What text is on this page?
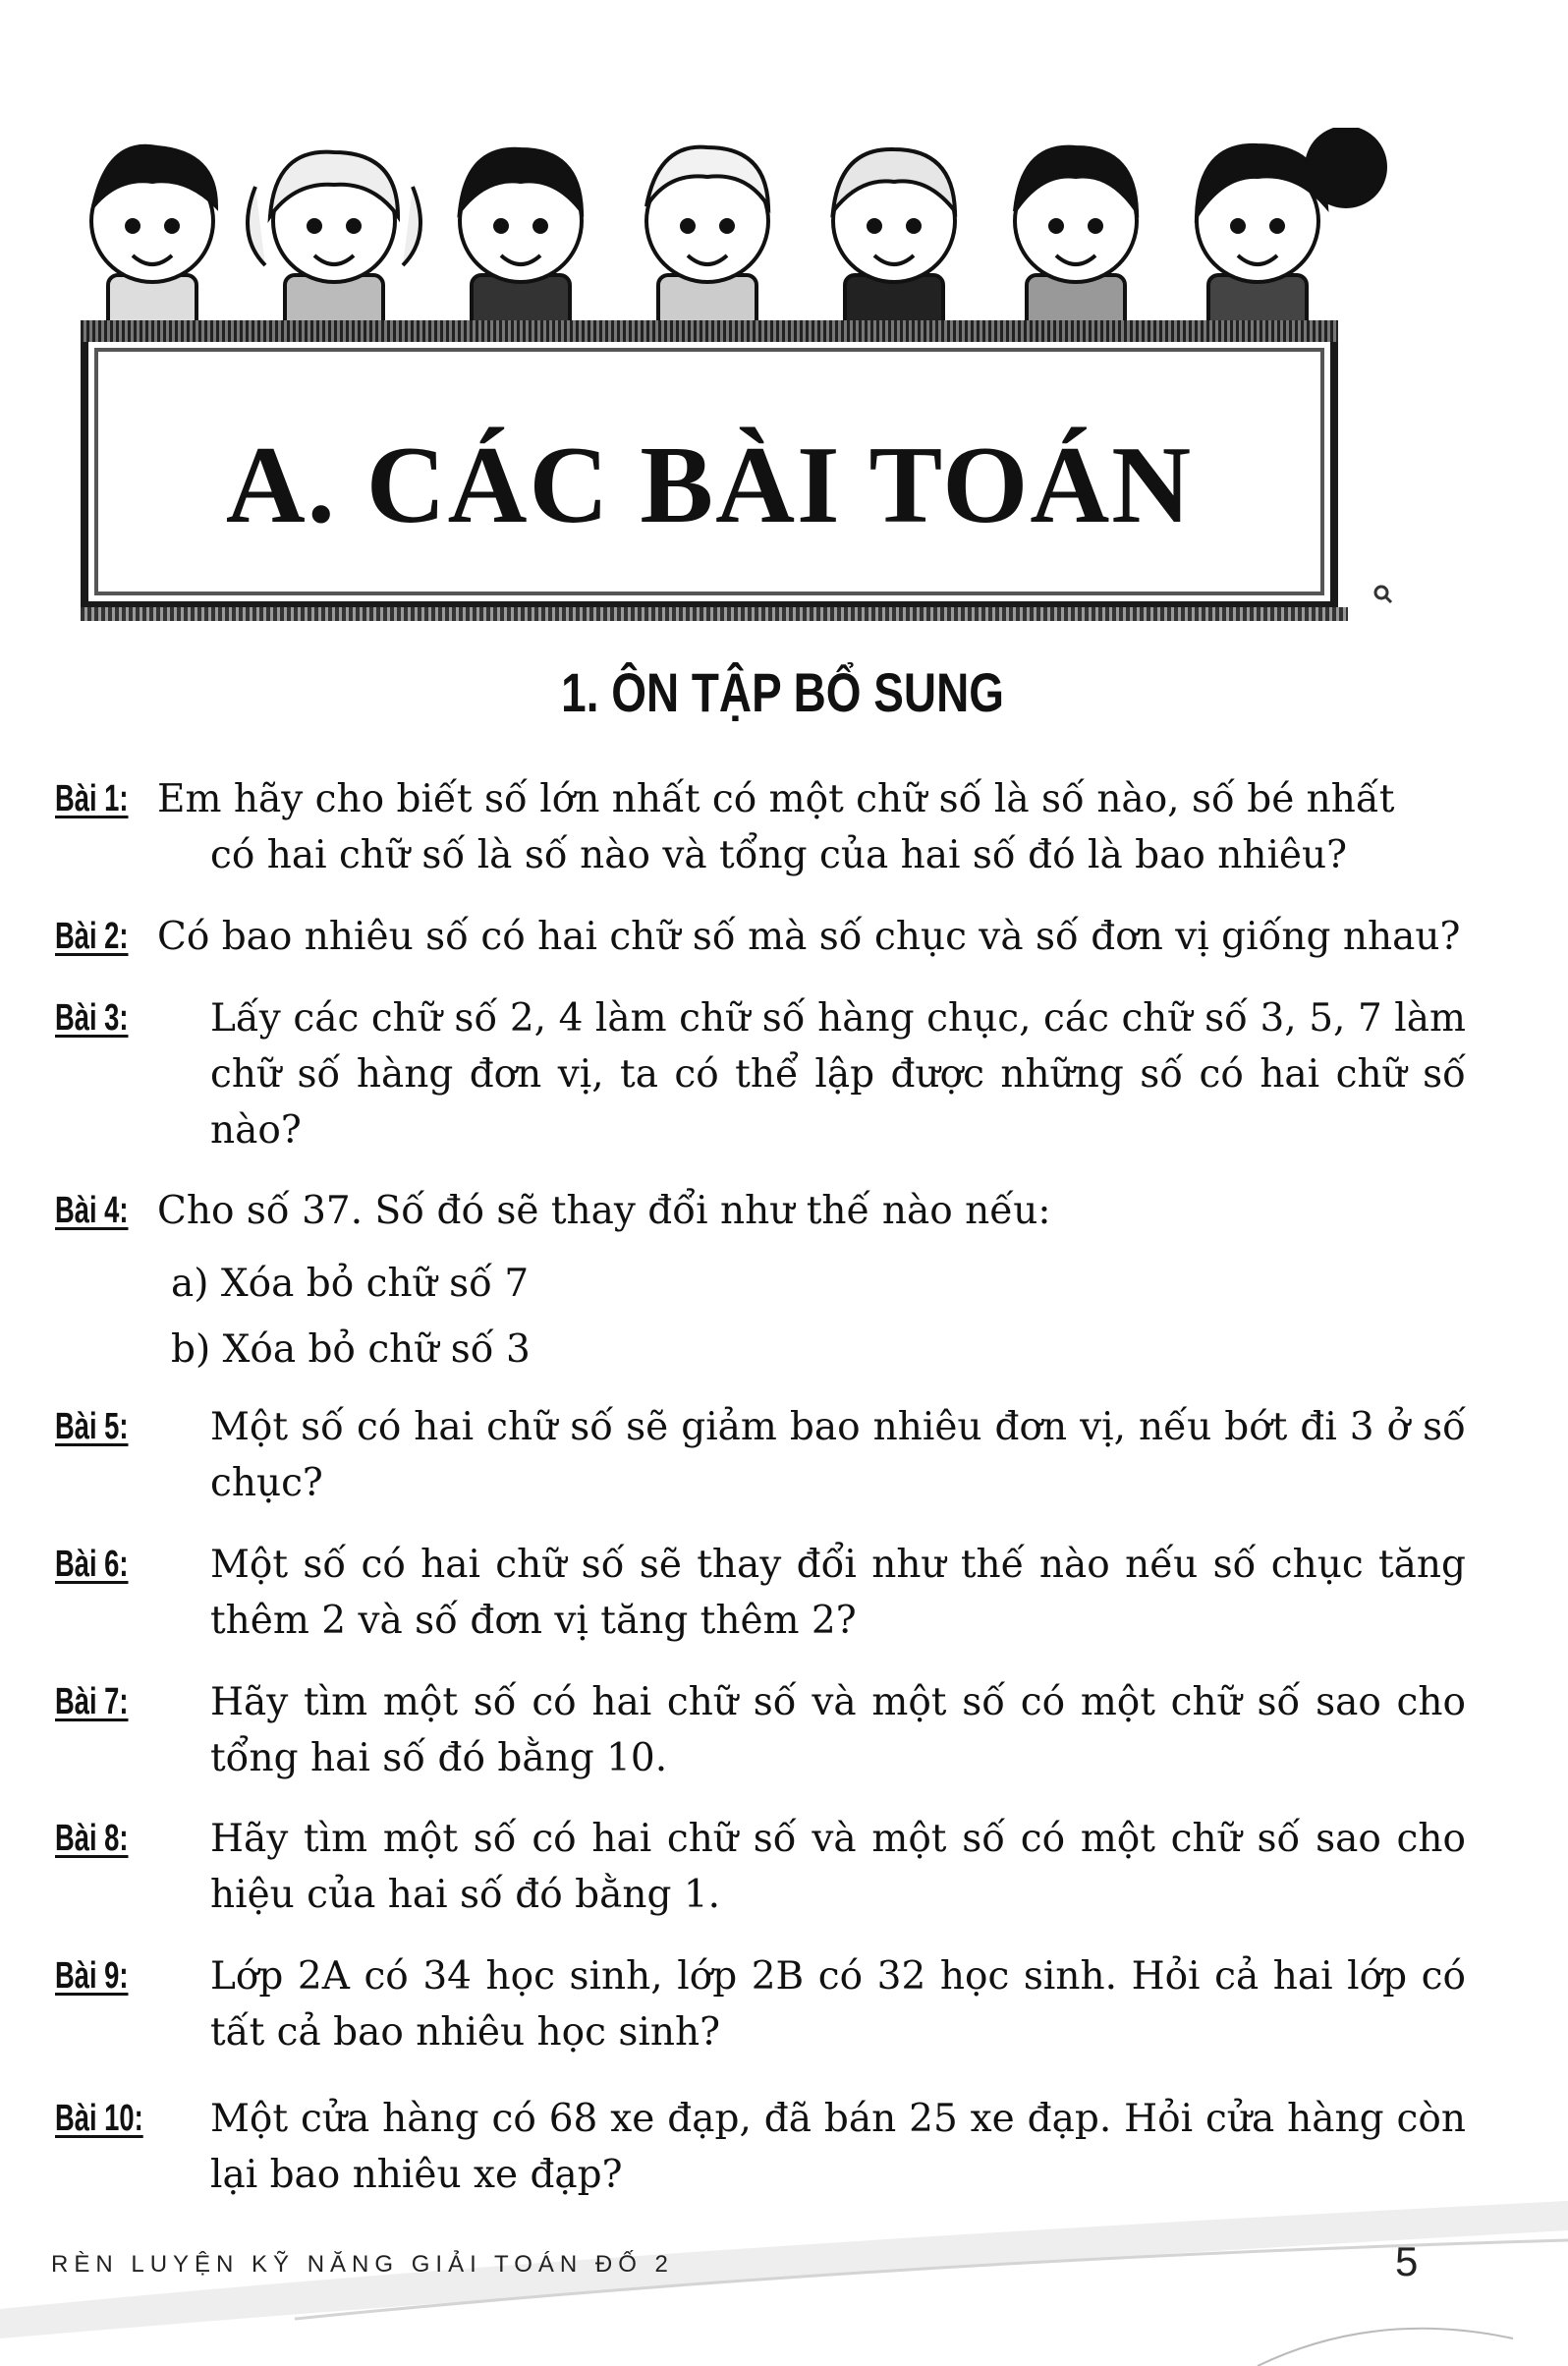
A. CÁC BÀI TOÁN
1. ÔN TẬP BỔ SUNG
Bài 1: Em hãy cho biết số lớn nhất có một chữ số là số nào, số bé nhất
có hai chữ số là số nào và tổng của hai số đó là bao nhiêu?
Bài 2: Có bao nhiêu số có hai chữ số mà số chục và số đơn vị giống nhau?
Bài 3: Lấy các chữ số 2, 4 làm chữ số hàng chục, các chữ số 3, 5, 7 làm chữ số hàng đơn vị, ta có thể lập được những số có hai chữ số nào?
Bài 4: Cho số 37. Số đó sẽ thay đổi như thế nào nếu:
a) Xóa bỏ chữ số 7
b) Xóa bỏ chữ số 3
Bài 5: Một số có hai chữ số sẽ giảm bao nhiêu đơn vị, nếu bớt đi 3 ở số chục?
Bài 6: Một số có hai chữ số sẽ thay đổi như thế nào nếu số chục tăng thêm 2 và số đơn vị tăng thêm 2?
Bài 7: Hãy tìm một số có hai chữ số và một số có một chữ số sao cho tổng hai số đó bằng 10.
Bài 8: Hãy tìm một số có hai chữ số và một số có một chữ số sao cho hiệu của hai số đó bằng 1.
Bài 9: Lớp 2A có 34 học sinh, lớp 2B có 32 học sinh. Hỏi cả hai lớp có tất cả bao nhiêu học sinh?
Bài 10: Một cửa hàng có 68 xe đạp, đã bán 25 xe đạp. Hỏi cửa hàng còn lại bao nhiêu xe đạp?
RÈN LUYỆN KỸ NĂNG GIẢI TOÁN ĐỐ 2	5
